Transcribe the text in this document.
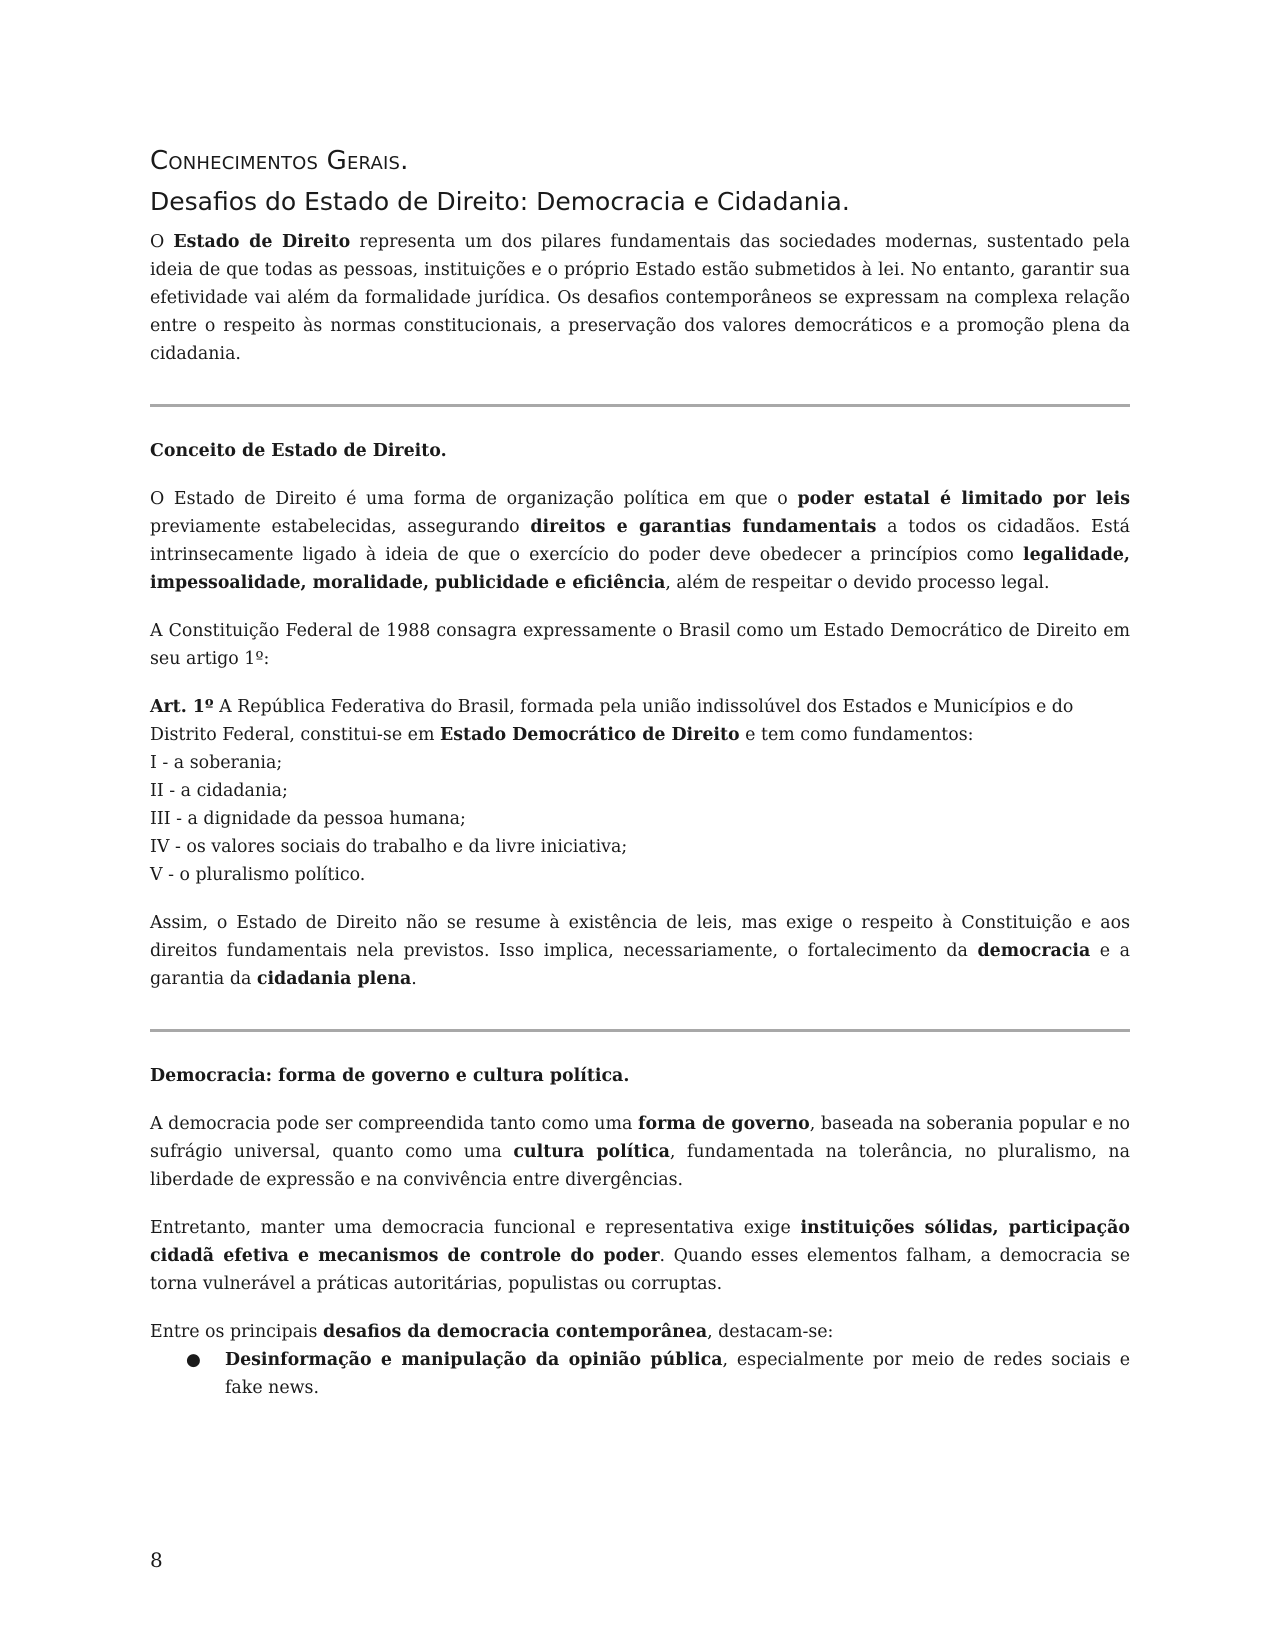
Conhecimentos Gerais.
Desafios do Estado de Direito: Democracia e Cidadania.

O Estado de Direito representa um dos pilares fundamentais das sociedades modernas, sustentado pela ideia de que todas as pessoas, instituições e o próprio Estado estão submetidos à lei. No entanto, garantir sua efetividade vai além da formalidade jurídica. Os desafios contemporâneos se expressam na complexa relação entre o respeito às normas constitucionais, a preservação dos valores democráticos e a promoção plena da cidadania.

Conceito de Estado de Direito.

O Estado de Direito é uma forma de organização política em que o poder estatal é limitado por leis previamente estabelecidas, assegurando direitos e garantias fundamentais a todos os cidadãos. Está intrinsecamente ligado à ideia de que o exercício do poder deve obedecer a princípios como legalidade, impessoalidade, moralidade, publicidade e eficiência, além de respeitar o devido processo legal.

A Constituição Federal de 1988 consagra expressamente o Brasil como um Estado Democrático de Direito em seu artigo 1º:

Art. 1º A República Federativa do Brasil, formada pela união indissolúvel dos Estados e Municípios e do Distrito Federal, constitui-se em Estado Democrático de Direito e tem como fundamentos:

I - a soberania;
II - a cidadania;
III - a dignidade da pessoa humana;
IV - os valores sociais do trabalho e da livre iniciativa;
V - o pluralismo político.

Assim, o Estado de Direito não se resume à existência de leis, mas exige o respeito à Constituição e aos direitos fundamentais nela previstos. Isso implica, necessariamente, o fortalecimento da democracia e a garantia da cidadania plena.

Democracia: forma de governo e cultura política.

A democracia pode ser compreendida tanto como uma forma de governo, baseada na soberania popular e no sufrágio universal, quanto como uma cultura política, fundamentada na tolerância, no pluralismo, na liberdade de expressão e na convivência entre divergências.

Entretanto, manter uma democracia funcional e representativa exige instituições sólidas, participação cidadã efetiva e mecanismos de controle do poder. Quando esses elementos falham, a democracia se torna vulnerável a práticas autoritárias, populistas ou corruptas.

Entre os principais desafios da democracia contemporânea, destacam-se:

● Desinformação e manipulação da opinião pública, especialmente por meio de redes sociais e fake news.
8
